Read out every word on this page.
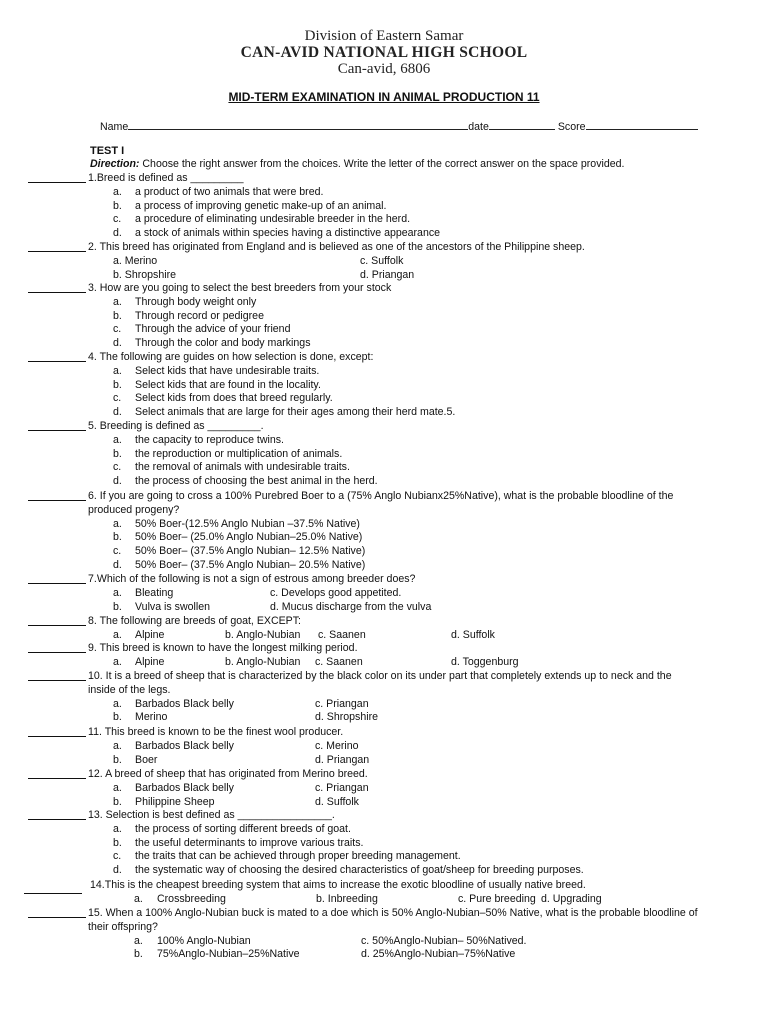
Division of Eastern Samar
CAN-AVID NATIONAL HIGH SCHOOL
Can-avid, 6806
MID-TERM EXAMINATION IN ANIMAL PRODUCTION 11
Name	date	Score
TEST I
Direction: Choose the right answer from the choices. Write the letter of the correct answer on the space provided.
1.Breed is defined as _________
a. a product of two animals that were bred.
b. a process of improving genetic make-up of an animal.
c. a procedure of eliminating undesirable breeder in the herd.
d. a stock of animals within species having a distinctive appearance
2. This breed has originated from England and is believed as one of the ancestors of the Philippine sheep.
a. Merino	c. Suffolk
b. Shropshire	d. Priangan
3. How are you going to select the best breeders from your stock
a. Through body weight only
b. Through record or pedigree
c. Through the advice of your friend
d. Through the color and body markings
4. The following are guides on how selection is done, except:
a. Select kids that have undesirable traits.
b. Select kids that are found in the locality.
c. Select kids from does that breed regularly.
d. Select animals that are large for their ages among their herd mate.5.
5. Breeding is defined as _________.
a. the capacity to reproduce twins.
b. the reproduction or multiplication of animals.
c. the removal of animals with undesirable traits.
d. the process of choosing the best animal in the herd.
6. If you are going to cross a 100% Purebred Boer to a (75% Anglo Nubianx25%Native), what is the probable bloodline of the produced progeny?
a. 50% Boer-(12.5% Anglo Nubian –37.5% Native)
b. 50% Boer– (25.0% Anglo Nubian–25.0% Native)
c. 50% Boer– (37.5% Anglo Nubian– 12.5% Native)
d. 50% Boer– (37.5% Anglo Nubian– 20.5% Native)
7.Which of the following is not a sign of estrous among breeder does?
a. Bleating	c. Develops good appetited.
b. Vulva is swollen	d. Mucus discharge from the vulva
8. The following are breeds of goat, EXCEPT:
a. Alpine	b. Anglo-Nubian c. Saanen	d. Suffolk
9. This breed is known to have the longest milking period.
a. Alpine	b. Anglo-Nubian c. Saanen	d. Toggenburg
10. It is a breed of sheep that is characterized by the black color on its under part that completely extends up to neck and the inside of the legs.
a. Barbados Black belly	c. Priangan
b. Merino	d. Shropshire
11. This breed is known to be the finest wool producer.
a. Barbados Black belly	c. Merino
b. Boer	d. Priangan
12. A breed of sheep that has originated from Merino breed.
a. Barbados Black belly	c. Priangan
b. Philippine Sheep	d. Suffolk
13. Selection is best defined as ________________.
a. the process of sorting different breeds of goat.
b. the useful determinants to improve various traits.
c. the traits that can be achieved through proper breeding management.
d. the systematic way of choosing the desired characteristics of goat/sheep for breeding purposes.
14.This is the cheapest breeding system that aims to increase the exotic bloodline of usually native breed.
a. Crossbreeding	b. Inbreeding	c. Pure breeding d. Upgrading
15. When a 100% Anglo-Nubian buck is mated to a doe which is 50% Anglo-Nubian–50% Native, what is the probable bloodline of their offspring?
a. 100% Anglo-Nubian	c. 50%Anglo-Nubian– 50%Natived.
b. 75%Anglo-Nubian–25%Native	d. 25%Anglo-Nubian–75%Native
